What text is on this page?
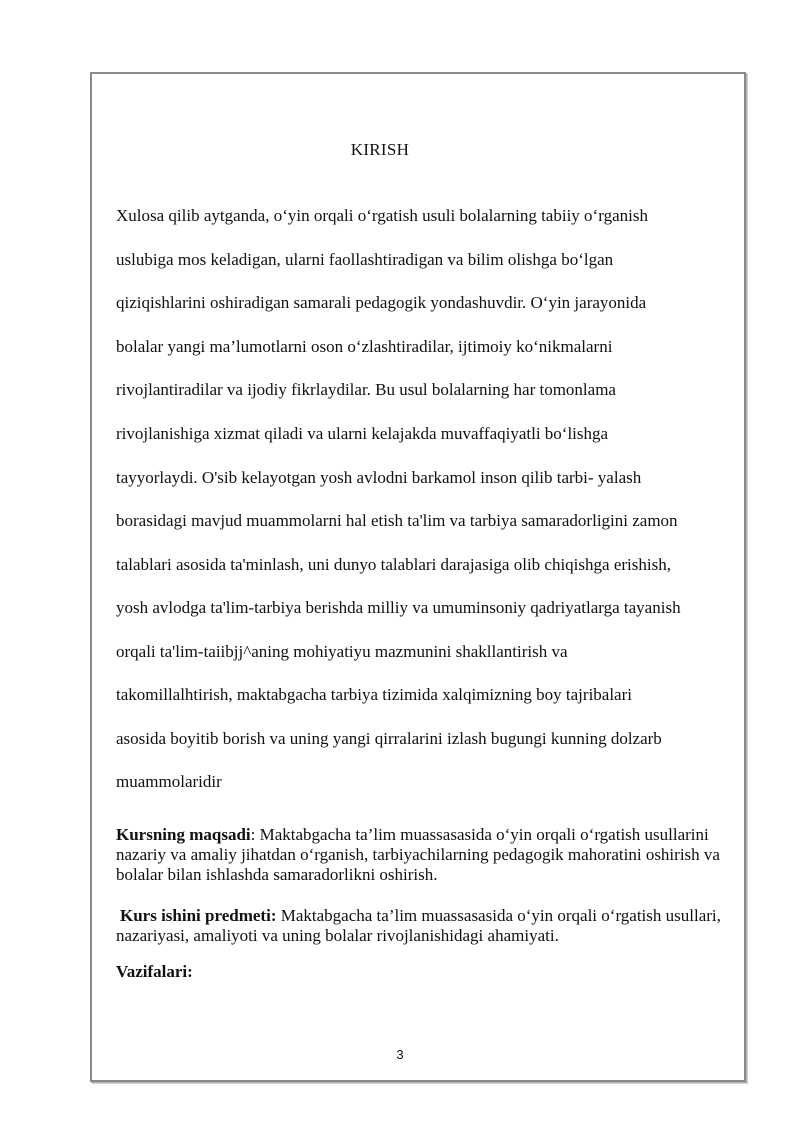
KIRISH
Xulosa qilib aytganda, o‘yin orqali o‘rgatish usuli bolalarning tabiiy o‘rganish
uslubiga mos keladigan, ularni faollashtiradigan va bilim olishga bo‘lgan
qiziqishlarini oshiradigan samarali pedagogik yondashuvdir. O‘yin jarayonida
bolalar yangi ma’lumotlarni oson o‘zlashtiradilar, ijtimoiy ko‘nikmalarni
rivojlantiradilar va ijodiy fikrlaydilar. Bu usul bolalarning har tomonlama
rivojlanishiga xizmat qiladi va ularni kelajakda muvaffaqiyatli bo‘lishga
tayyorlaydi. O'sib kelayotgan yosh avlodni barkamol inson qilib tarbi- yalash
borasidagi mavjud muammolarni hal etish ta'lim va tarbiya samaradorligini zamon
talablari asosida ta'minlash, uni dunyo talablari darajasiga olib chiqishga erishish,
yosh avlodga ta'lim-tarbiya berishda milliy va umuminsoniy qadriyatlarga tayanish
orqali ta'lim-taiibjj^aning mohiyatiyu mazmunini shakllantirish va
takomillalhtirish, maktabgacha tarbiya tizimida xalqimizning boy tajribalari
asosida boyitib borish va uning yangi qirralarini izlash bugungi kunning dolzarb
muammolaridir
Kursning maqsadi: Maktabgacha ta’lim muassasasida o‘yin orqali o‘rgatish usullarini nazariy va amaliy jihatdan o‘rganish, tarbiyachilarning pedagogik mahoratini oshirish va bolalar bilan ishlashda samaradorlikni oshirish.
Kurs ishini predmeti: Maktabgacha ta’lim muassasasida o‘yin orqali o‘rgatish usullari, nazariyasi, amaliyoti va uning bolalar rivojlanishidagi ahamiyati.
Vazifalari:
3
